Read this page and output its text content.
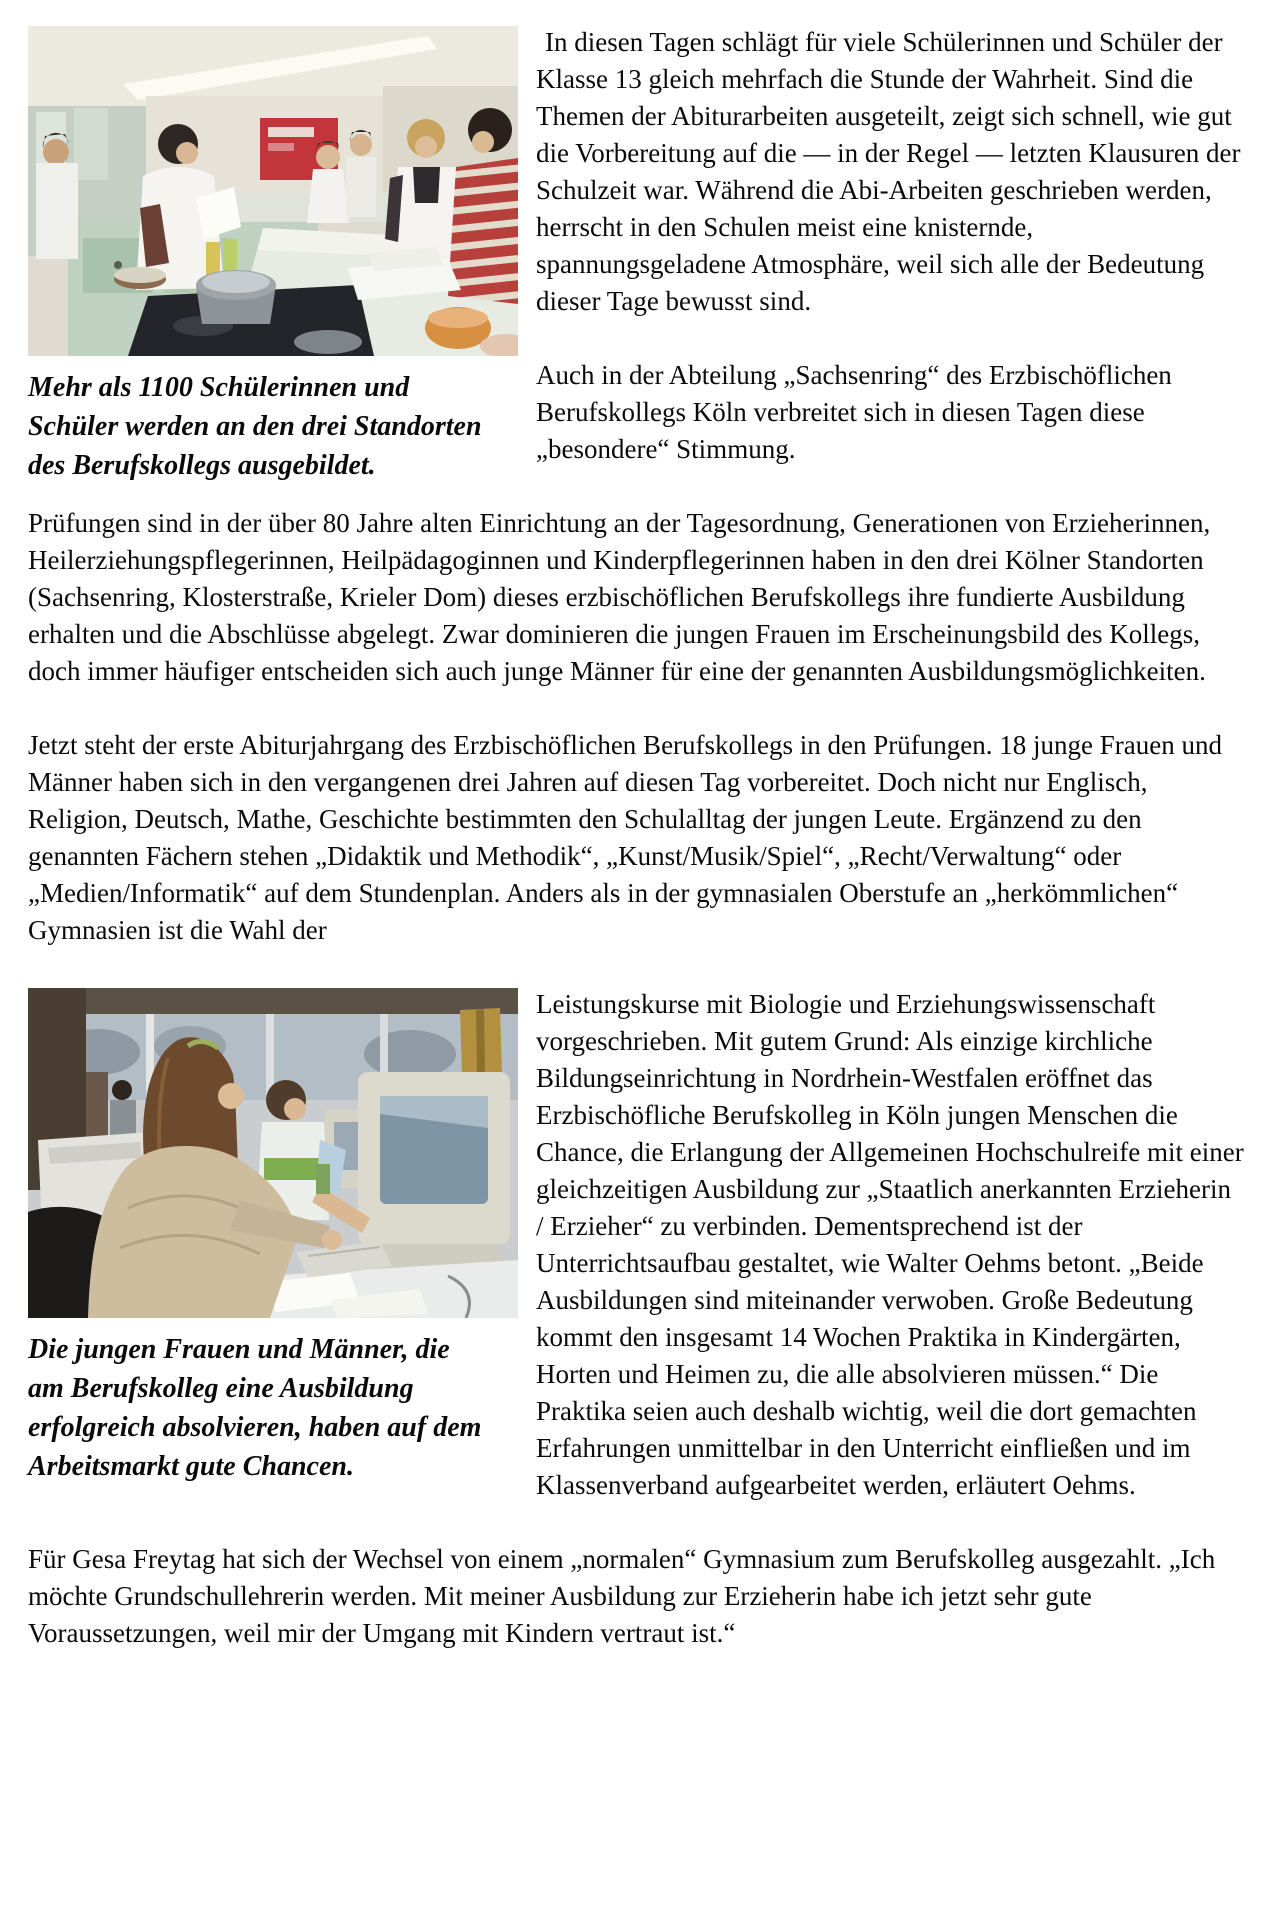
Mehr als 1100 Schülerinnen und Schüler werden an den drei Standorten des Berufskollegs ausgebildet.

In diesen Tagen schlägt für viele Schülerinnen und Schüler der Klasse 13 gleich mehrfach die Stunde der Wahrheit. Sind die Themen der Abiturarbeiten ausgeteilt, zeigt sich schnell, wie gut die Vorbereitung auf die — in der Regel — letzten Klausuren der Schulzeit war. Während die Abi-Arbeiten geschrieben werden, herrscht in den Schulen meist eine knisternde, spannungsgeladene Atmosphäre, weil sich alle der Bedeutung dieser Tage bewusst sind.

Auch in der Abteilung „Sachsenring“ des Erzbischöflichen Berufskollegs Köln verbreitet sich in diesen Tagen diese „besondere“ Stimmung.

Prüfungen sind in der über 80 Jahre alten Einrichtung an der Tagesordnung, Generationen von Erzieherinnen, Heilerziehungspflegerinnen, Heilpädagoginnen und Kinderpflegerinnen haben in den drei Kölner Standorten (Sachsenring, Klosterstraße, Krieler Dom) dieses erzbischöflichen Berufskollegs ihre fundierte Ausbildung erhalten und die Abschlüsse abgelegt. Zwar dominieren die jungen Frauen im Erscheinungsbild des Kollegs, doch immer häufiger entscheiden sich auch junge Männer für eine der genannten Ausbildungsmöglichkeiten.

Jetzt steht der erste Abiturjahrgang des Erzbischöflichen Berufskollegs in den Prüfungen. 18 junge Frauen und Männer haben sich in den vergangenen drei Jahren auf diesen Tag vorbereitet. Doch nicht nur Englisch, Religion, Deutsch, Mathe, Geschichte bestimmten den Schulalltag der jungen Leute. Ergänzend zu den genannten Fächern stehen „Didaktik und Methodik“, „Kunst/Musik/Spiel“, „Recht/Verwaltung“ oder „Medien/Informatik“ auf dem Stundenplan. Anders als in der gymnasialen Oberstufe an „herkömmlichen“ Gymnasien ist die Wahl der

Die jungen Frauen und Männer, die am Berufskolleg eine Ausbildung erfolgreich absolvieren, haben auf dem Arbeitsmarkt gute Chancen.

Leistungskurse mit Biologie und Erziehungswissenschaft vorgeschrieben. Mit gutem Grund: Als einzige kirchliche Bildungseinrichtung in Nordrhein-Westfalen eröffnet das Erzbischöfliche Berufskolleg in Köln jungen Menschen die Chance, die Erlangung der Allgemeinen Hochschulreife mit einer gleichzeitigen Ausbildung zur „Staatlich anerkannten Erzieherin / Erzieher“ zu verbinden. Dementsprechend ist der Unterrichtsaufbau gestaltet, wie Walter Oehms betont. „Beide Ausbildungen sind miteinander verwoben. Große Bedeutung kommt den insgesamt 14 Wochen Praktika in Kindergärten, Horten und Heimen zu, die alle absolvieren müssen.“ Die Praktika seien auch deshalb wichtig, weil die dort gemachten Erfahrungen unmittelbar in den Unterricht einfließen und im Klassenverband aufgearbeitet werden, erläutert Oehms.

Für Gesa Freytag hat sich der Wechsel von einem „normalen“ Gymnasium zum Berufskolleg ausgezahlt. „Ich möchte Grundschullehrerin werden. Mit meiner Ausbildung zur Erzieherin habe ich jetzt sehr gute Voraussetzungen, weil mir der Umgang mit Kindern vertraut ist.“
